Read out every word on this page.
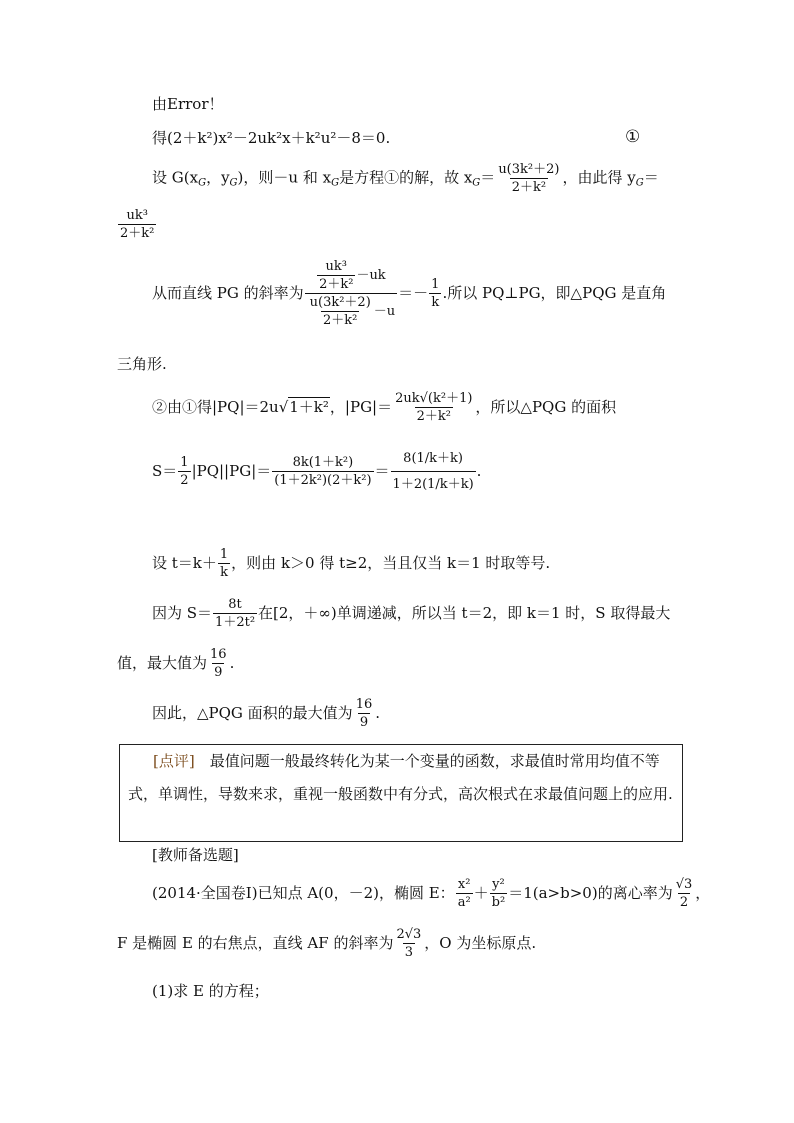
由Error！
得(2＋k²)x²－2uk²x＋k²u²－8＝0.	①
设 $G(x_G$，$y_G$)，则－u 和 $x_G$是方程①的解，故 $x_G= \frac{\text{u(3k²＋2)}}{\text{2＋k²}}$ ，由此得 $y_G=$
$\frac{\text{uk³}}{\text{2＋k²}}$
从而直线 PG 的斜率为 $\frac{\frac{\text{uk³}}{\text{2＋k²}} -uk}{\frac{\text{u(3k²＋2)}}{\text{2＋k²}} -u} =- \frac{1}{k}$ .所以 PQ⊥PG，即△PQG 是直角
三角形.
②由①得|PQ|＝2u√1＋k²，$|PG|= \frac{\text{2uk√(k²＋1)}}{\text{2＋k²}}$ ，所以△PQG 的面积
$S= \frac{1}{2} |PQ||PG|= \frac{\text{8k(1＋k²)}}{\text{(1＋2k²)(2＋k²)}} = \frac{8(1/k+k)}{1+2(1/k+k)}$ .
设 $t=k+ \frac{1}{k}$ ，则由 k＞0 得 t≥2，当且仅当 k＝1 时取等号.
因为 $S= \frac{8t}{\text{1＋2t²}}$ 在[2，＋∞)单调递减，所以当 t＝2，即 k＝1 时，S 取得最大
值，最大值为 $\frac{16}{9}$ .
因此，△PQG 面积的最大值为 $\frac{16}{9}$ .
[点评]　最值问题一般最终转化为某一个变量的函数，求最值时常用均值不等式，单调性，导数来求，重视一般函数中有分式，高次根式在求最值问题上的应用.
[教师备选题]
(2014·全国卷Ⅰ)已知点 A(0，－2)，椭圆 E： $\frac{\text{x²}}{\text{a²}} + \frac{\text{y²}}{\text{b²}} =1(a>b>0)$的离心率为 $\frac{√3}{2}$ ，
F 是椭圆 E 的右焦点，直线 AF 的斜率为 $\frac{2√3}{3}$ ，O 为坐标原点.
(1)求 E 的方程；
